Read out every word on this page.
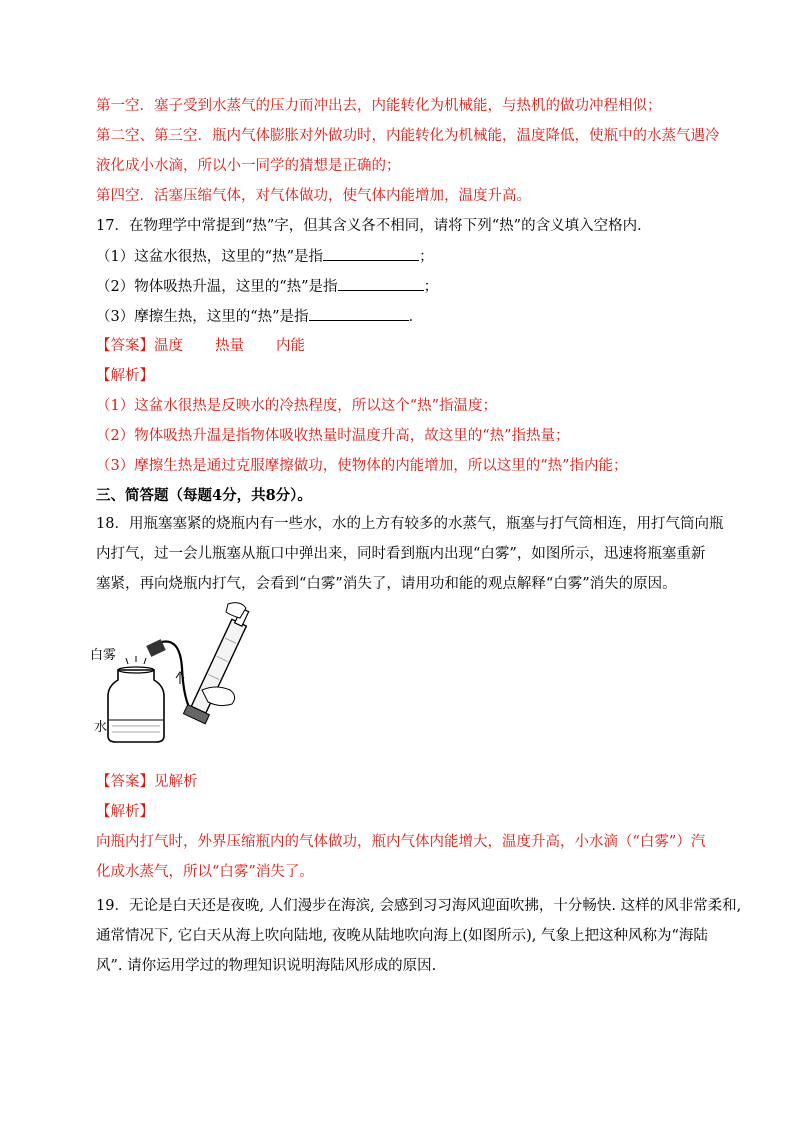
第一空．塞子受到水蒸气的压力而冲出去，内能转化为机械能，与热机的做功冲程相似；
第二空、第三空．瓶内气体膨胀对外做功时，内能转化为机械能，温度降低，使瓶中的水蒸气遇冷
液化成小水滴，所以小一同学的猜想是正确的；
第四空．活塞压缩气体，对气体做功，使气体内能增加，温度升高。
17．在物理学中常提到“热”字，但其含义各不相同，请将下列“热”的含义填入空格内．
（1）这盆水很热，这里的“热”是指	；
（2）物体吸热升温，这里的“热”是指	；
（3）摩擦生热，这里的“热”是指	．
【答案】温度 热量 内能
【解析】
（1）这盆水很热是反映水的冷热程度，所以这个“热”指温度；
（2）物体吸热升温是指物体吸收热量时温度升高，故这里的“热”指热量；
（3）摩擦生热是通过克服摩擦做功，使物体的内能增加，所以这里的“热”指内能；
三、简答题（每题4分，共8分）。
18．用瓶塞塞紧的烧瓶内有一些水，水的上方有较多的水蒸气，瓶塞与打气筒相连，用打气筒向瓶
内打气，过一会儿瓶塞从瓶口中弹出来，同时看到瓶内出现“白雾”，如图所示，迅速将瓶塞重新
塞紧，再向烧瓶内打气，会看到“白雾”消失了，请用功和能的观点解释“白雾”消失的原因。
白雾
水
【答案】见解析
【解析】
向瓶内打气时，外界压缩瓶内的气体做功，瓶内气体内能增大，温度升高，小水滴（“白雾”）汽
化成水蒸气，所以“白雾”消失了。
19．无论是白天还是夜晚, 人们漫步在海滨, 会感到习习海风迎面吹拂，十分畅快. 这样的风非常柔和,
通常情况下, 它白天从海上吹向陆地, 夜晚从陆地吹向海上(如图所示), 气象上把这种风称为“海陆
风”. 请你运用学过的物理知识说明海陆风形成的原因.
